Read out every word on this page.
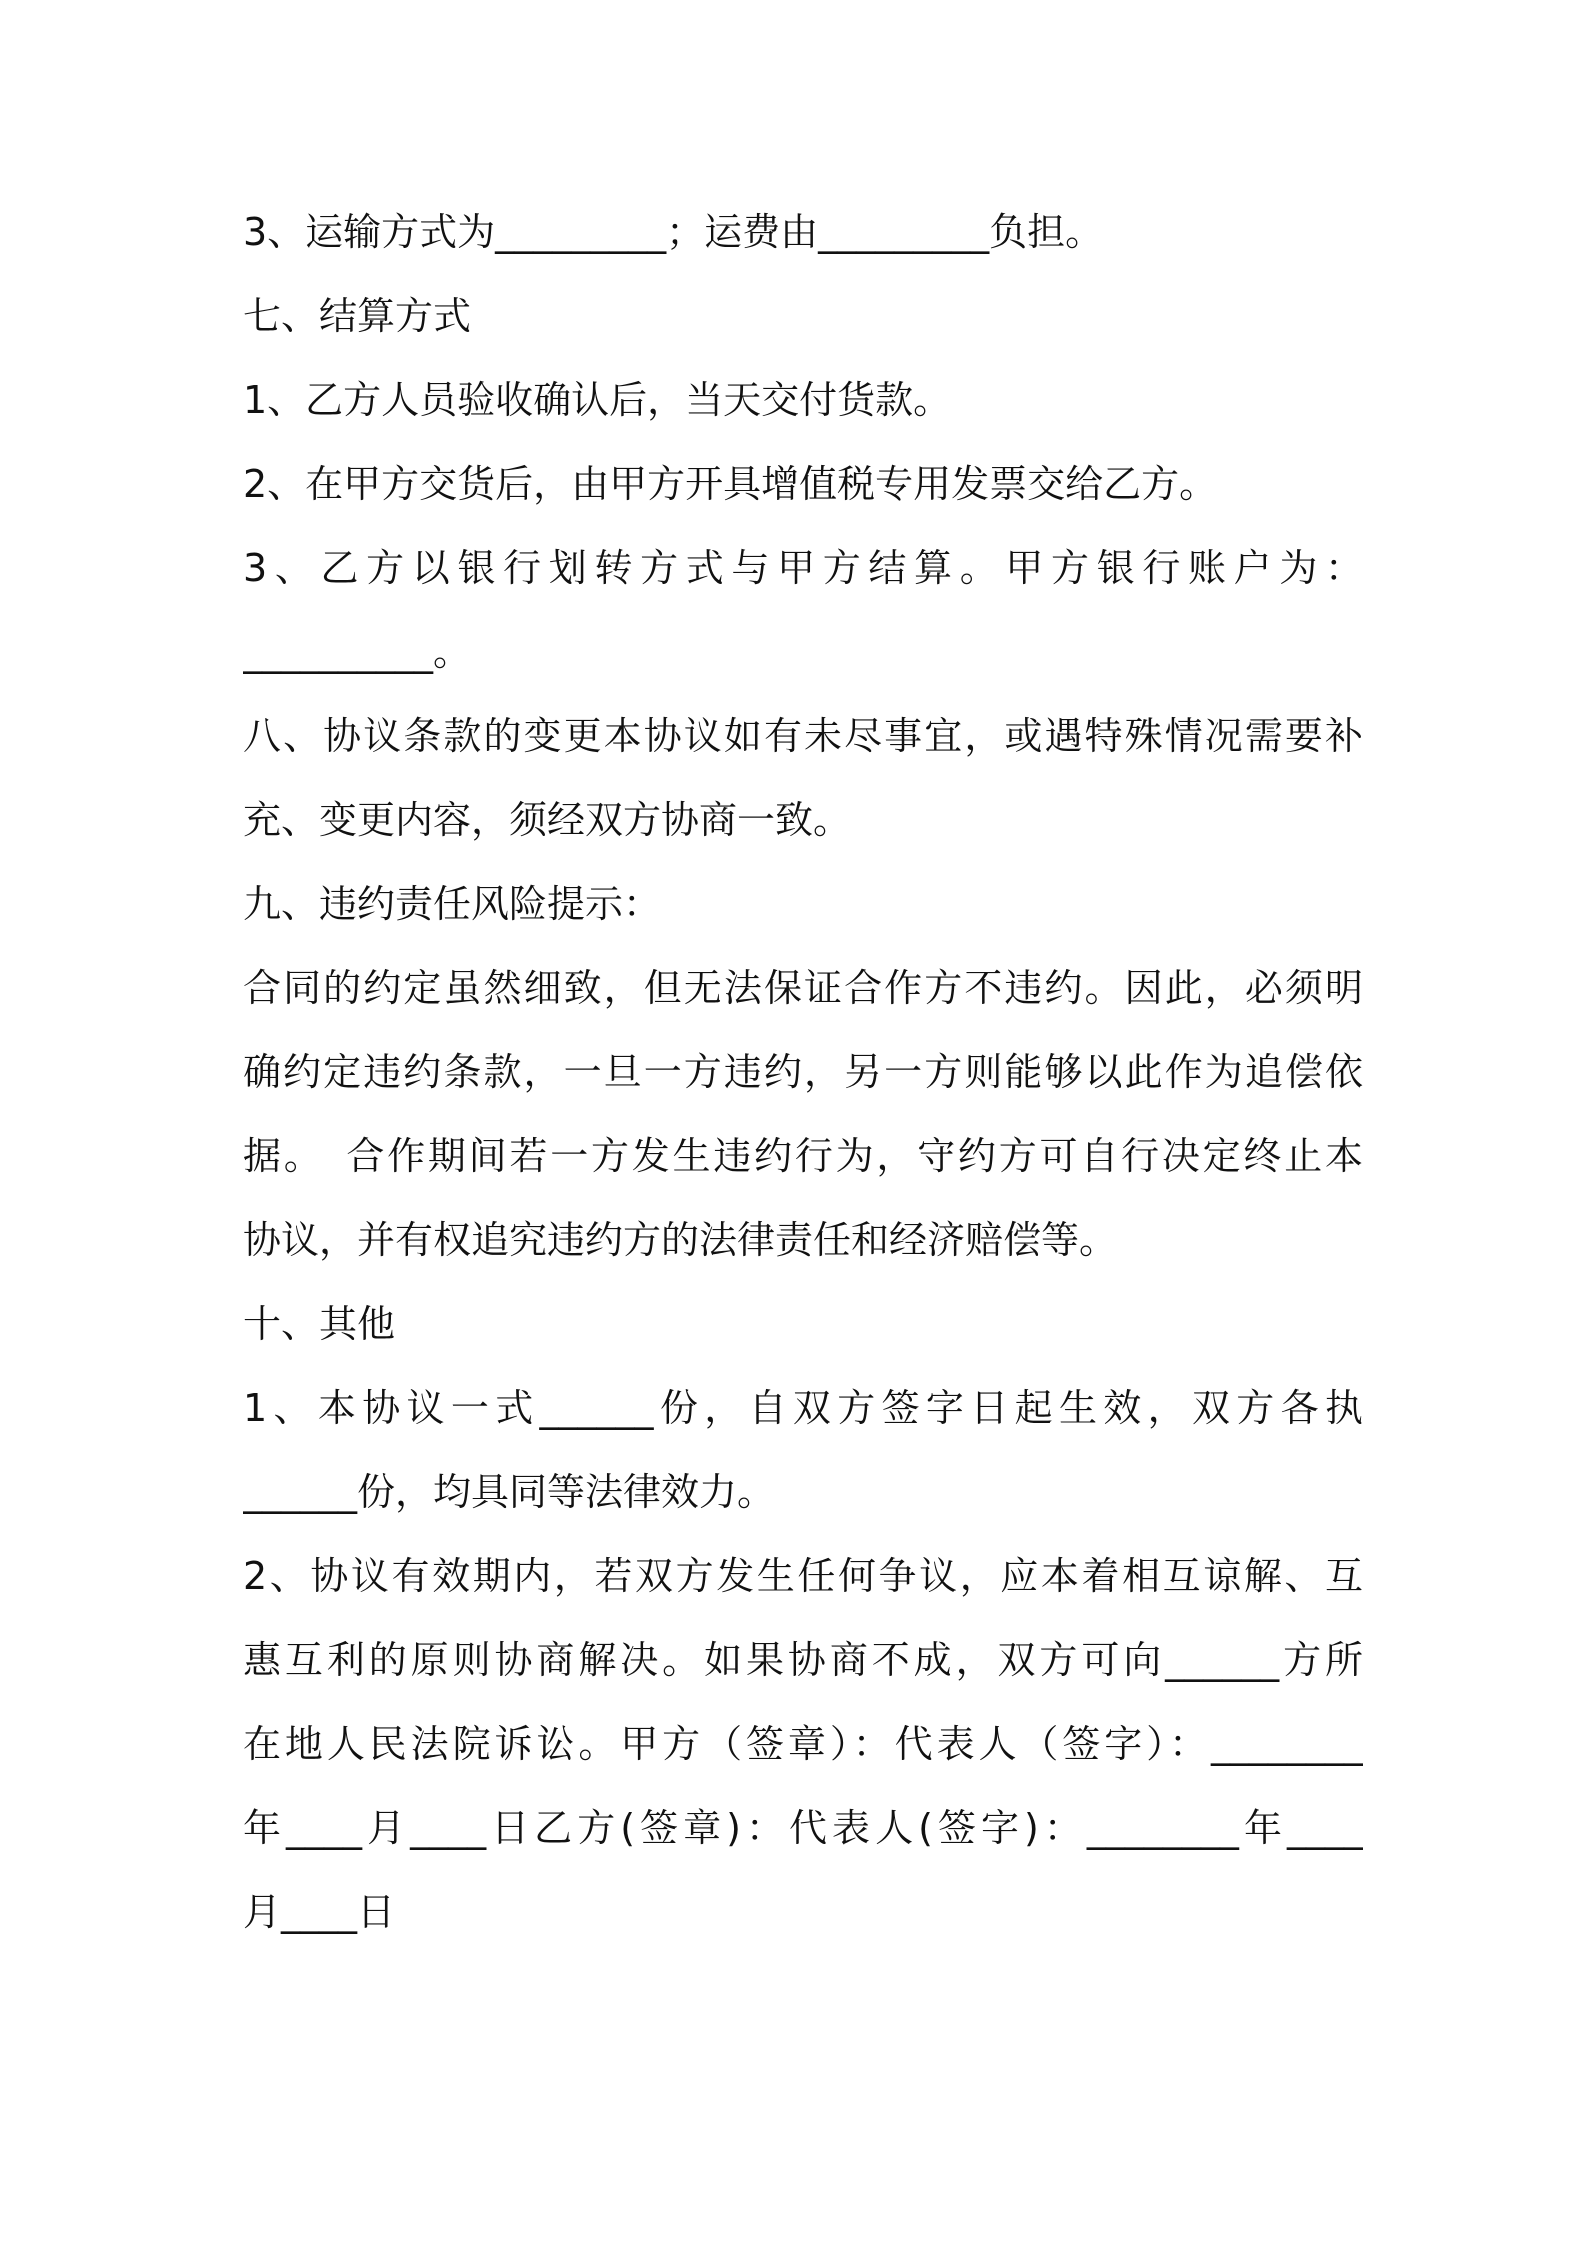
3、运输方式为_________；运费由_________负担。
七、结算方式
1、乙方人员验收确认后，当天交付货款。
2、在甲方交货后，由甲方开具增值税专用发票交给乙方。
3、乙方以银行划转方式与甲方结算。甲方银行账户为：
__________。
八、协议条款的变更本协议如有未尽事宜，或遇特殊情况需要补
充、变更内容，须经双方协商一致。
九、违约责任风险提示：
合同的约定虽然细致，但无法保证合作方不违约。因此，必须明
确约定违约条款，一旦一方违约，另一方则能够以此作为追偿依
据。　合作期间若一方发生违约行为，守约方可自行决定终止本
协议，并有权追究违约方的法律责任和经济赔偿等。
十、其他
1、本协议一式______份，自双方签字日起生效，双方各执
______份，均具同等法律效力。
2、协议有效期内，若双方发生任何争议，应本着相互谅解、互
惠互利的原则协商解决。如果协商不成，双方可向______方所
在地人民法院诉讼。甲方（签章）：代表人（签字）：________
年____月____日乙方(签章)：代表人(签字)：________年____
月____日
